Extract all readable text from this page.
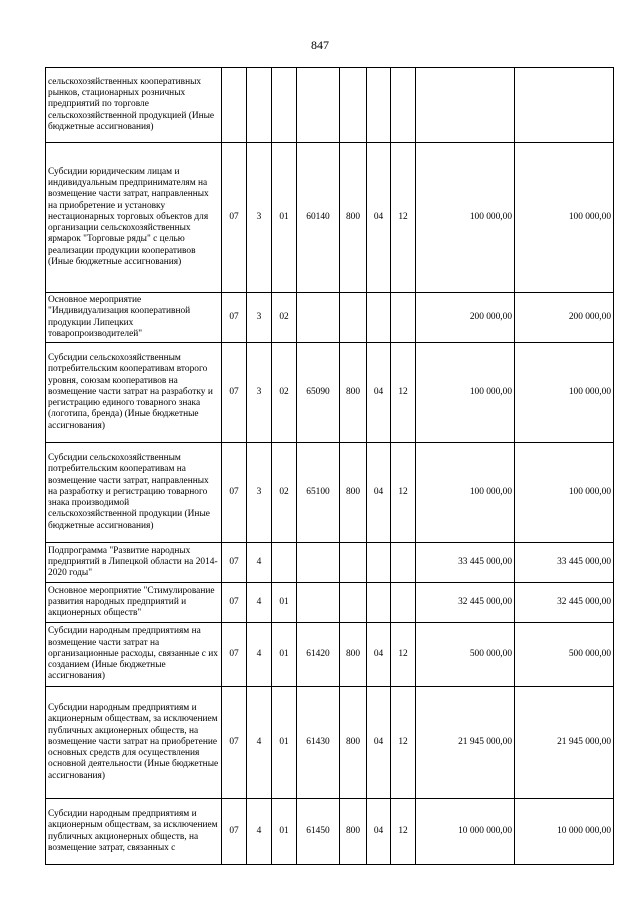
847
сельскохозяйственных кооперативных рынков, стационарных розничных предприятий по торговле сельскохозяйственной продукцией (Иные бюджетные ассигнования)									
Субсидии юридическим лицам и индивидуальным предпринимателям на возмещение части затрат, направленных на приобретение и установку нестационарных торговых объектов для организации сельскохозяйственных ярмарок "Торговые ряды" с целью реализации продукции кооперативов (Иные бюджетные ассигнования)	07	3	01	60140	800	04	12	100 000,00	100 000,00
Основное мероприятие "Индивидуализация кооперативной продукции Липецких товаропроизводителей"	07	3	02					200 000,00	200 000,00
Субсидии сельскохозяйственным потребительским кооперативам второго уровня, союзам кооперативов на возмещение части затрат на разработку и регистрацию единого товарного знака (логотипа, бренда) (Иные бюджетные ассигнования)	07	3	02	65090	800	04	12	100 000,00	100 000,00
Субсидии сельскохозяйственным потребительским кооперативам на возмещение части затрат, направленных на разработку и регистрацию товарного знака производимой сельскохозяйственной продукции (Иные бюджетные ассигнования)	07	3	02	65100	800	04	12	100 000,00	100 000,00
Подпрограмма "Развитие народных предприятий в Липецкой области на 2014-2020 годы"	07	4						33 445 000,00	33 445 000,00
Основное мероприятие "Стимулирование развития народных предприятий и акционерных обществ"	07	4	01					32 445 000,00	32 445 000,00
Субсидии народным предприятиям на возмещение части затрат на организационные расходы, связанные с их созданием (Иные бюджетные ассигнования)	07	4	01	61420	800	04	12	500 000,00	500 000,00
Субсидии народным предприятиям и акционерным обществам, за исключением публичных акционерных обществ, на возмещение части затрат на приобретение основных средств для осуществления основной деятельности (Иные бюджетные ассигнования)	07	4	01	61430	800	04	12	21 945 000,00	21 945 000,00
Субсидии народным предприятиям и акционерным обществам, за исключением публичных акционерных обществ, на возмещение затрат, связанных с	07	4	01	61450	800	04	12	10 000 000,00	10 000 000,00
